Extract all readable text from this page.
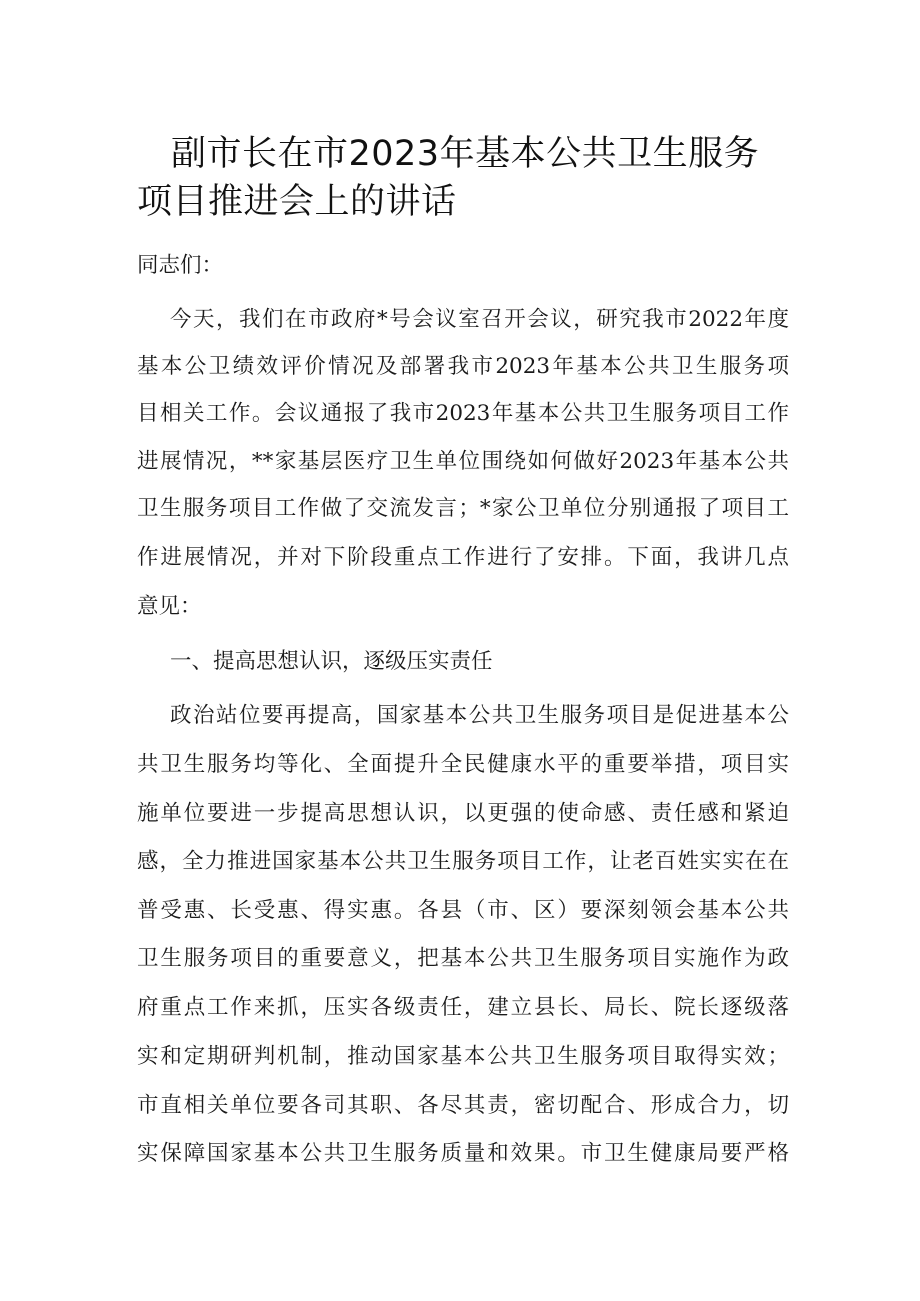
副市长在市2023年基本公共卫生服务项目推进会上的讲话

同志们：

今天，我们在市政府*号会议室召开会议，研究我市2022年度

基本公卫绩效评价情况及部署我市2023年基本公共卫生服务项

目相关工作。会议通报了我市2023年基本公共卫生服务项目工作

进展情况，**家基层医疗卫生单位围绕如何做好2023年基本公共

卫生服务项目工作做了交流发言；*家公卫单位分别通报了项目工

作进展情况，并对下阶段重点工作进行了安排。下面，我讲几点

意见：

一、提高思想认识，逐级压实责任

政治站位要再提高，国家基本公共卫生服务项目是促进基本公

共卫生服务均等化、全面提升全民健康水平的重要举措，项目实

施单位要进一步提高思想认识，以更强的使命感、责任感和紧迫

感，全力推进国家基本公共卫生服务项目工作，让老百姓实实在在

普受惠、长受惠、得实惠。各县（市、区）要深刻领会基本公共

卫生服务项目的重要意义，把基本公共卫生服务项目实施作为政

府重点工作来抓，压实各级责任，建立县长、局长、院长逐级落

实和定期研判机制，推动国家基本公共卫生服务项目取得实效；

市直相关单位要各司其职、各尽其责，密切配合、形成合力，切

实保障国家基本公共卫生服务质量和效果。市卫生健康局要严格
